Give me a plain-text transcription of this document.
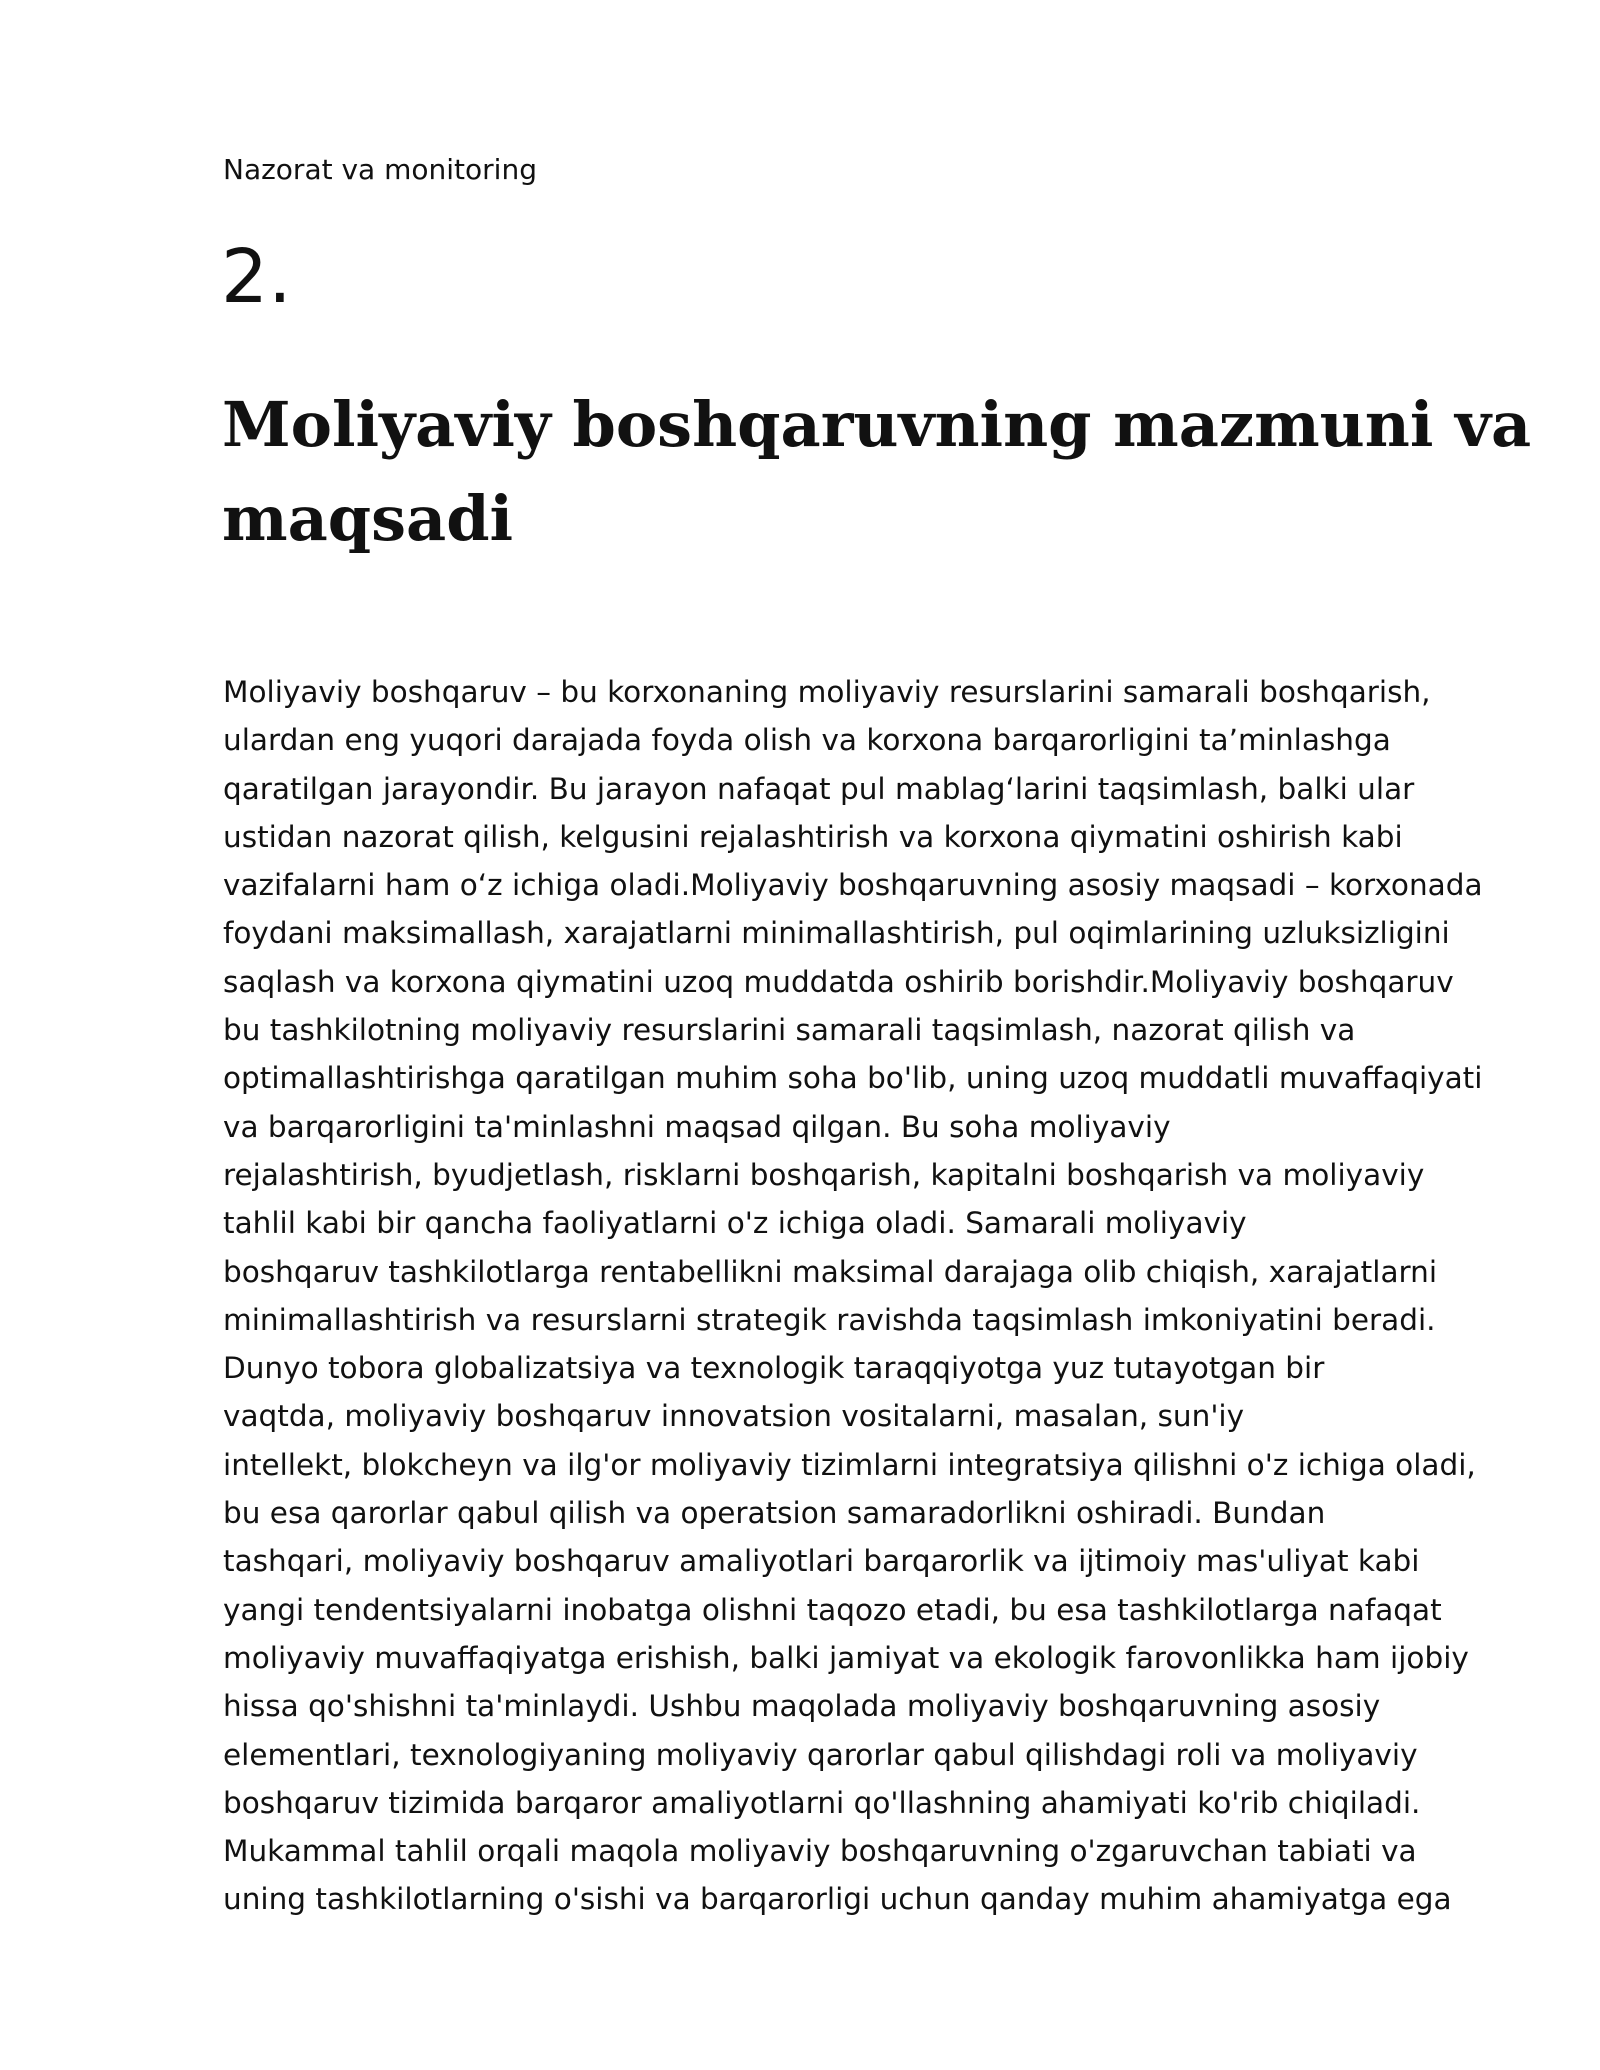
Nazorat va monitoring
2.
Moliyaviy boshqaruvning mazmuni va
maqsadi
Moliyaviy boshqaruv – bu korxonaning moliyaviy resurslarini samarali boshqarish,
ulardan eng yuqori darajada foyda olish va korxona barqarorligini ta’minlashga
qaratilgan jarayondir. Bu jarayon nafaqat pul mablag‘larini taqsimlash, balki ular
ustidan nazorat qilish, kelgusini rejalashtirish va korxona qiymatini oshirish kabi
vazifalarni ham o‘z ichiga oladi.Moliyaviy boshqaruvning asosiy maqsadi – korxonada
foydani maksimallash, xarajatlarni minimallashtirish, pul oqimlarining uzluksizligini
saqlash va korxona qiymatini uzoq muddatda oshirib borishdir.Moliyaviy boshqaruv
bu tashkilotning moliyaviy resurslarini samarali taqsimlash, nazorat qilish va
optimallashtirishga qaratilgan muhim soha bo'lib, uning uzoq muddatli muvaffaqiyati
va barqarorligini ta'minlashni maqsad qilgan. Bu soha moliyaviy
rejalashtirish, byudjetlash, risklarni boshqarish, kapitalni boshqarish va moliyaviy
tahlil kabi bir qancha faoliyatlarni o'z ichiga oladi. Samarali moliyaviy
boshqaruv tashkilotlarga rentabellikni maksimal darajaga olib chiqish, xarajatlarni
minimallashtirish va resurslarni strategik ravishda taqsimlash imkoniyatini beradi.
Dunyo tobora globalizatsiya va texnologik taraqqiyotga yuz tutayotgan bir
vaqtda, moliyaviy boshqaruv innovatsion vositalarni, masalan, sun'iy
intellekt, blokcheyn va ilg'or moliyaviy tizimlarni integratsiya qilishni o'z ichiga oladi,
bu esa qarorlar qabul qilish va operatsion samaradorlikni oshiradi. Bundan
tashqari, moliyaviy boshqaruv amaliyotlari barqarorlik va ijtimoiy mas'uliyat kabi
yangi tendentsiyalarni inobatga olishni taqozo etadi, bu esa tashkilotlarga nafaqat
moliyaviy muvaffaqiyatga erishish, balki jamiyat va ekologik farovonlikka ham ijobiy
hissa qo'shishni ta'minlaydi. Ushbu maqolada moliyaviy boshqaruvning asosiy
elementlari, texnologiyaning moliyaviy qarorlar qabul qilishdagi roli va moliyaviy
boshqaruv tizimida barqaror amaliyotlarni qo'llashning ahamiyati ko'rib chiqiladi.
Mukammal tahlil orqali maqola moliyaviy boshqaruvning o'zgaruvchan tabiati va
uning tashkilotlarning o'sishi va barqarorligi uchun qanday muhim ahamiyatga ega
